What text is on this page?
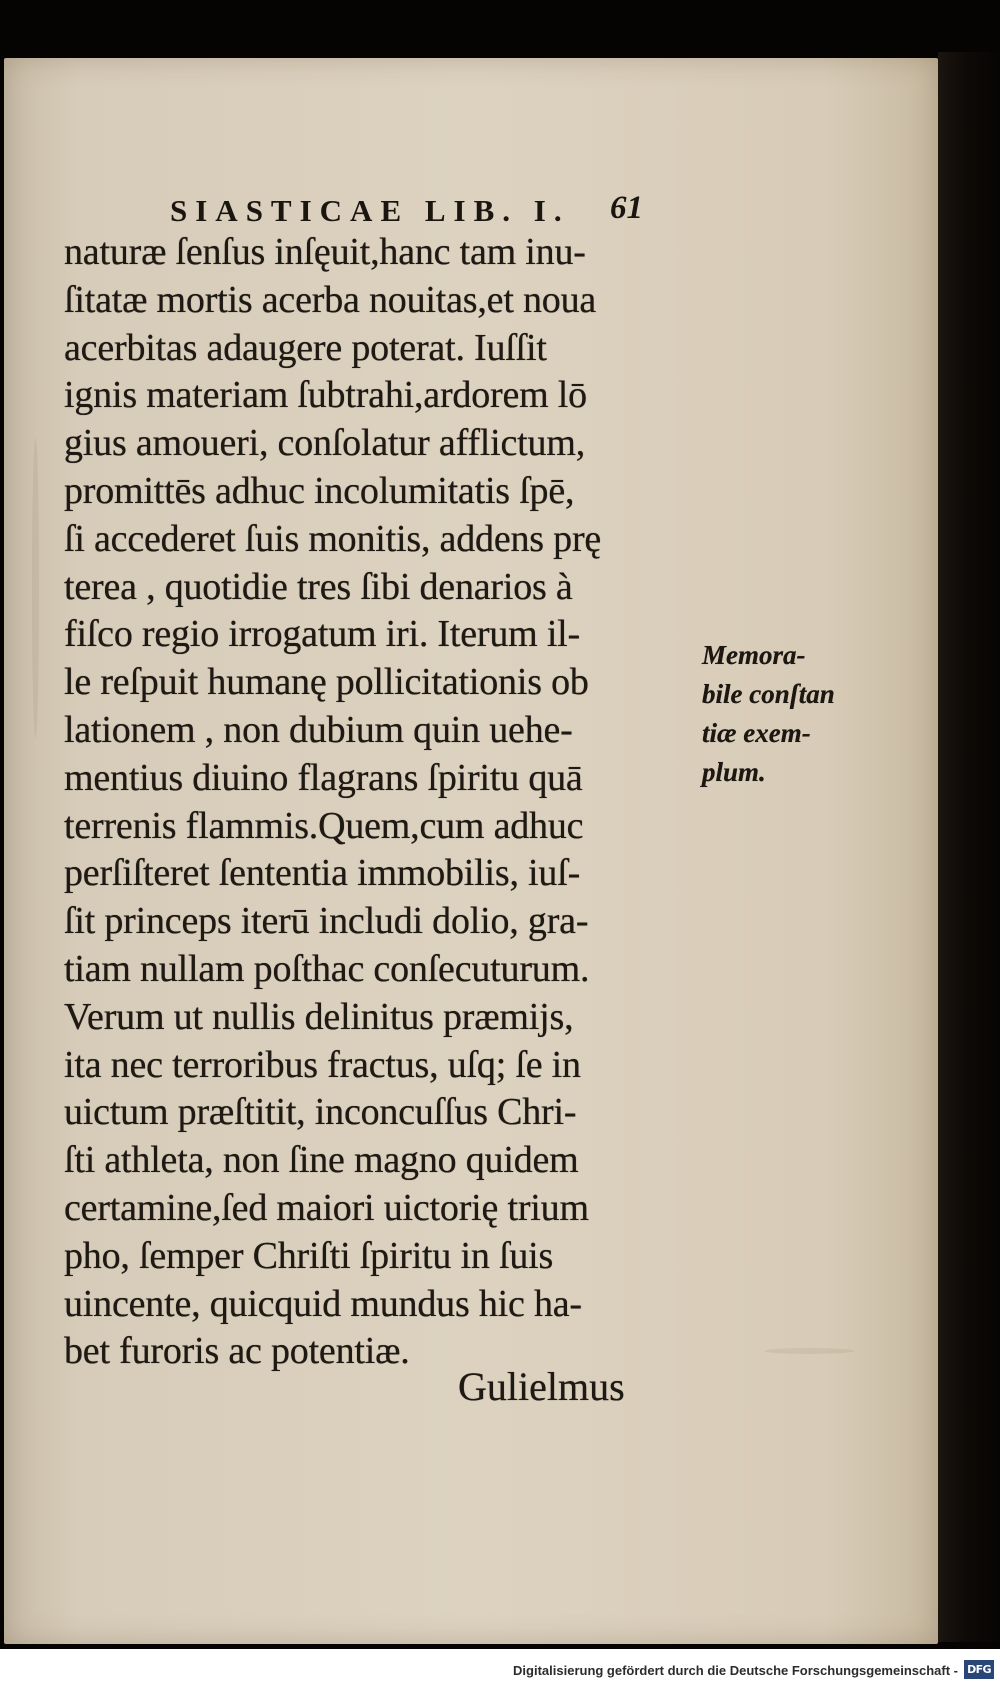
SIASTICAE LIB. I.	61
naturæ ſenſus inſęuit,hanc tam inu-
ſitatæ mortis acerba nouitas,et noua
acerbitas adaugere poterat. Iuſſit
ignis materiam ſubtrahi,ardorem lō
gius amoueri, conſolatur afflictum,
promittēs adhuc incolumitatis ſpē,
ſi accederet ſuis monitis, addens prę
terea , quotidie tres ſibi denarios à
fiſco regio irrogatum iri. Iterum il-
le reſpuit humanę pollicitationis ob
lationem , non dubium quin uehe-
mentius diuino flagrans ſpiritu quā
terrenis flammis.Quem,cum adhuc
perſiſteret ſententia immobilis, iuſ-
ſit princeps iterū includi dolio, gra-
tiam nullam poſthac conſecuturum.
Verum ut nullis delinitus præmijs,
ita nec terroribus fractus, uſq; ſe in
uictum præſtitit, inconcuſſus Chri-
ſti athleta, non ſine magno quidem
certamine,ſed maiori uictorię trium
pho, ſemper Chriſti ſpiritu in ſuis
uincente, quicquid mundus hic ha-
bet furoris ac potentiæ.
Gulielmus
Memora-
bile conſtan
tiæ exem-
plum.
Digitalisierung gefördert durch die Deutsche Forschungsgemeinschaft - DFG
